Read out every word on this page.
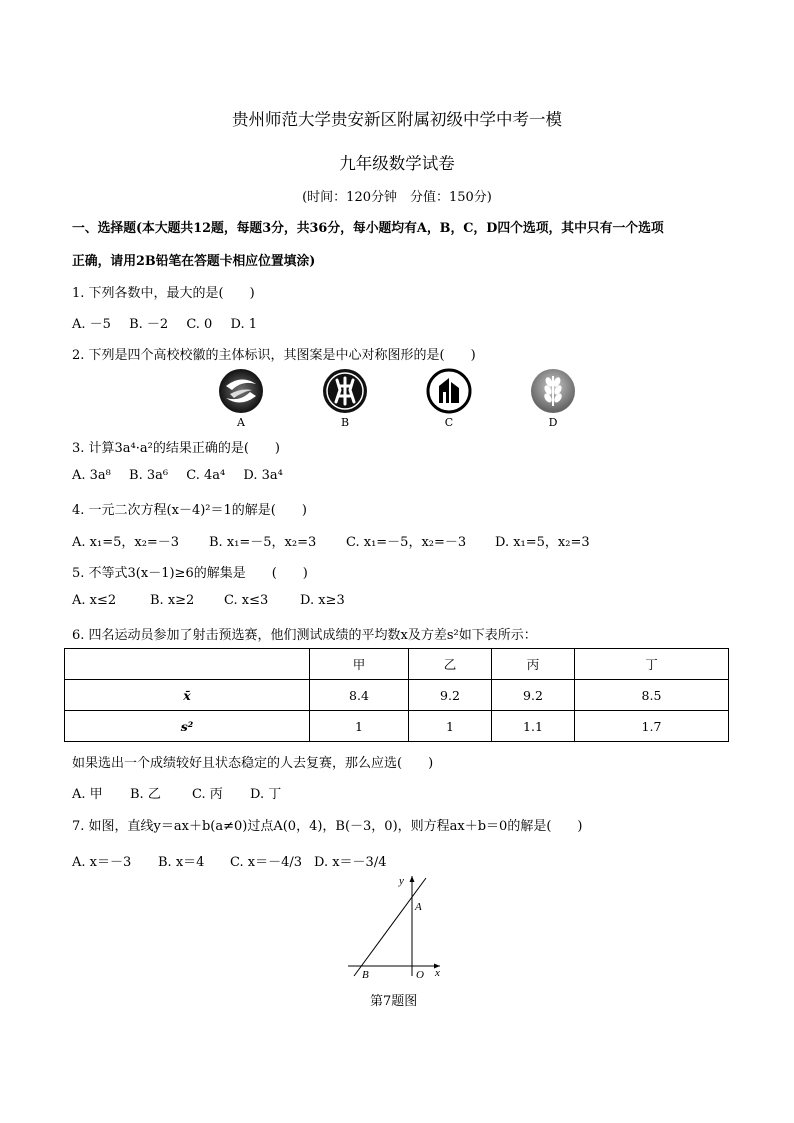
贵州师范大学贵安新区附属初级中学中考一模
九年级数学试卷
(时间：120分钟　分值：150分)
一、选择题(本大题共12题，每题3分，共36分，每小题均有A，B，C，D四个选项，其中只有一个选项
正确，请用2B铅笔在答题卡相应位置填涂)
1. 下列各数中，最大的是(　　)
A. －5 B. －2 C. 0 D. 1
2. 下列是四个高校校徽的主体标识，其图案是中心对称图形的是(　　)
A	B	C	D
3. 计算3a⁴·a²的结果正确的是(　　)
A. 3a⁸ B. 3a⁶ C. 4a⁴ D. 3a⁴
4. 一元二次方程(x－4)²＝1的解是(　　)
A. x₁=5，x₂=－3 B. x₁=－5，x₂=3 C. x₁=－5，x₂=－3 D. x₁=5，x₂=3
5. 不等式3(x－1)≥6的解集是　　(　　)
A. x≤2	B. x≥2 C. x≤3 D. x≥3
6. 四名运动员参加了射击预选赛，他们测试成绩的平均数x及方差s²如下表所示：
	甲	乙	丙	丁
x̄	8.4	9.2	9.2	8.5
s²	1	1	1.1	1.7
如果选出一个成绩较好且状态稳定的人去复赛，那么应选(　　)
A. 甲 B. 乙 C. 丙 D. 丁
7. 如图，直线y＝ax＋b(a≠0)过点A(0，4)，B(－3，0)，则方程ax＋b＝0的解是(　　)
A. x＝－3 B. x＝4 C. x＝－4/3 D. x＝－3/4
y
A
B	O x
第7题图
